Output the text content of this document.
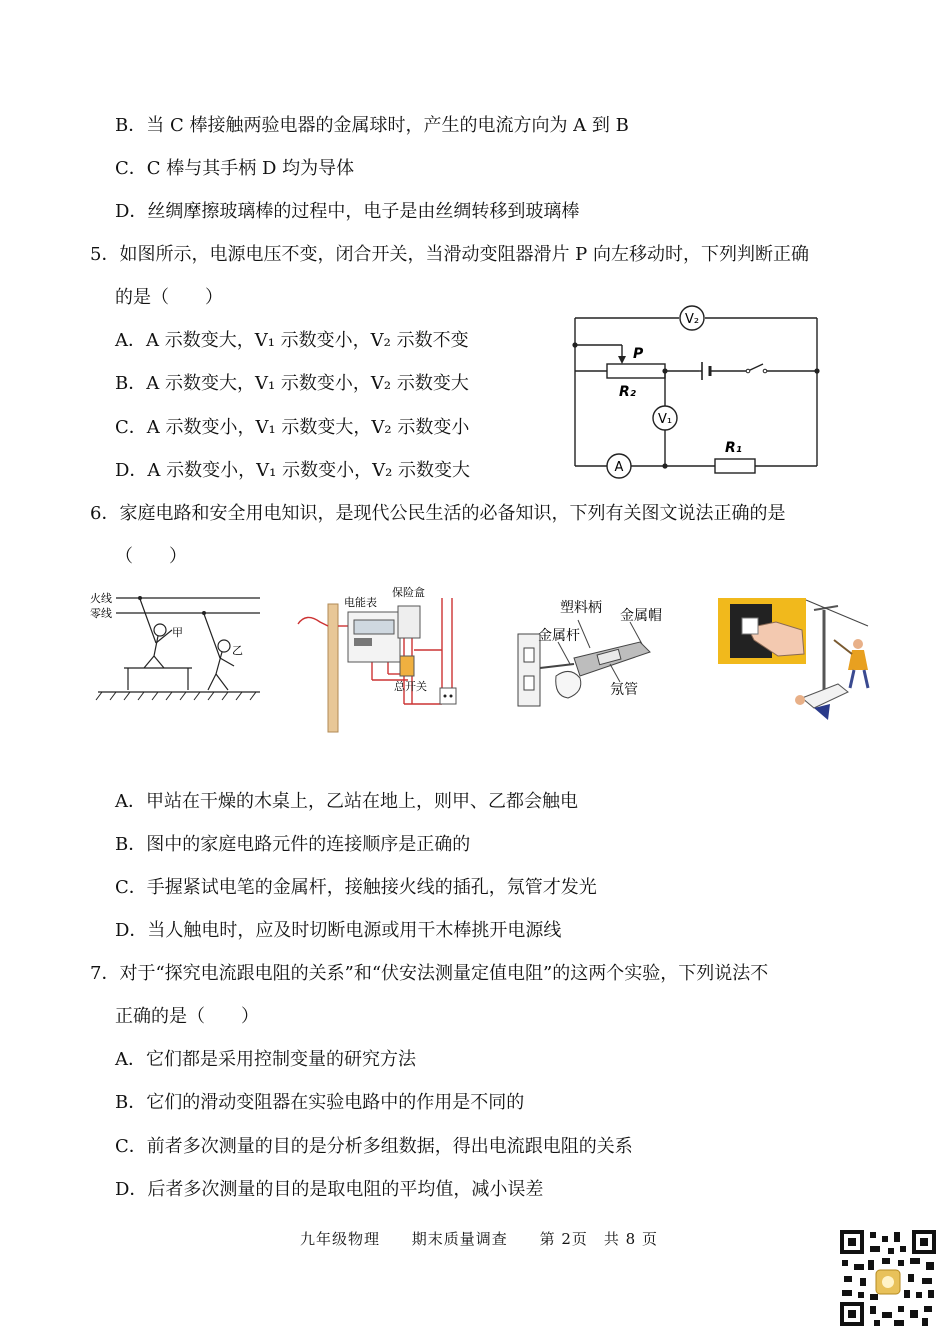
B．当 C 棒接触两验电器的金属球时，产生的电流方向为 A 到 B
C．C 棒与其手柄 D 均为导体
D．丝绸摩擦玻璃棒的过程中，电子是由丝绸转移到玻璃棒
5．如图所示，电源电压不变，闭合开关，当滑动变阻器滑片 P 向左移动时，下列判断正确
的是（　　）
A．A 示数变大，V₁ 示数变小，V₂ 示数不变
B．A 示数变大，V₁ 示数变小，V₂ 示数变大
C．A 示数变小，V₁ 示数变大，V₂ 示数变小
D．A 示数变小，V₁ 示数变小，V₂ 示数变大
V₂
V₁
A
P
R₂
R₁
6．家庭电路和安全用电知识，是现代公民生活的必备知识，下列有关图文说法正确的是
（　　）
火线
零线
甲
乙
电能表
保险盒
总开关
塑料柄 金属帽
金属杆
氖管
A．甲站在干燥的木桌上，乙站在地上，则甲、乙都会触电
B．图中的家庭电路元件的连接顺序是正确的
C．手握紧试电笔的金属杆，接触接火线的插孔，氖管才发光
D．当人触电时，应及时切断电源或用干木棒挑开电源线
7．对于“探究电流跟电阻的关系”和“伏安法测量定值电阻”的这两个实验，下列说法不
正确的是（　　）
A．它们都是采用控制变量的研究方法
B．它们的滑动变阻器在实验电路中的作用是不同的
C．前者多次测量的目的是分析多组数据，得出电流跟电阻的关系
D．后者多次测量的目的是取电阻的平均值，减小误差
九年级物理 期末质量调查 第 2页　共 8 页
